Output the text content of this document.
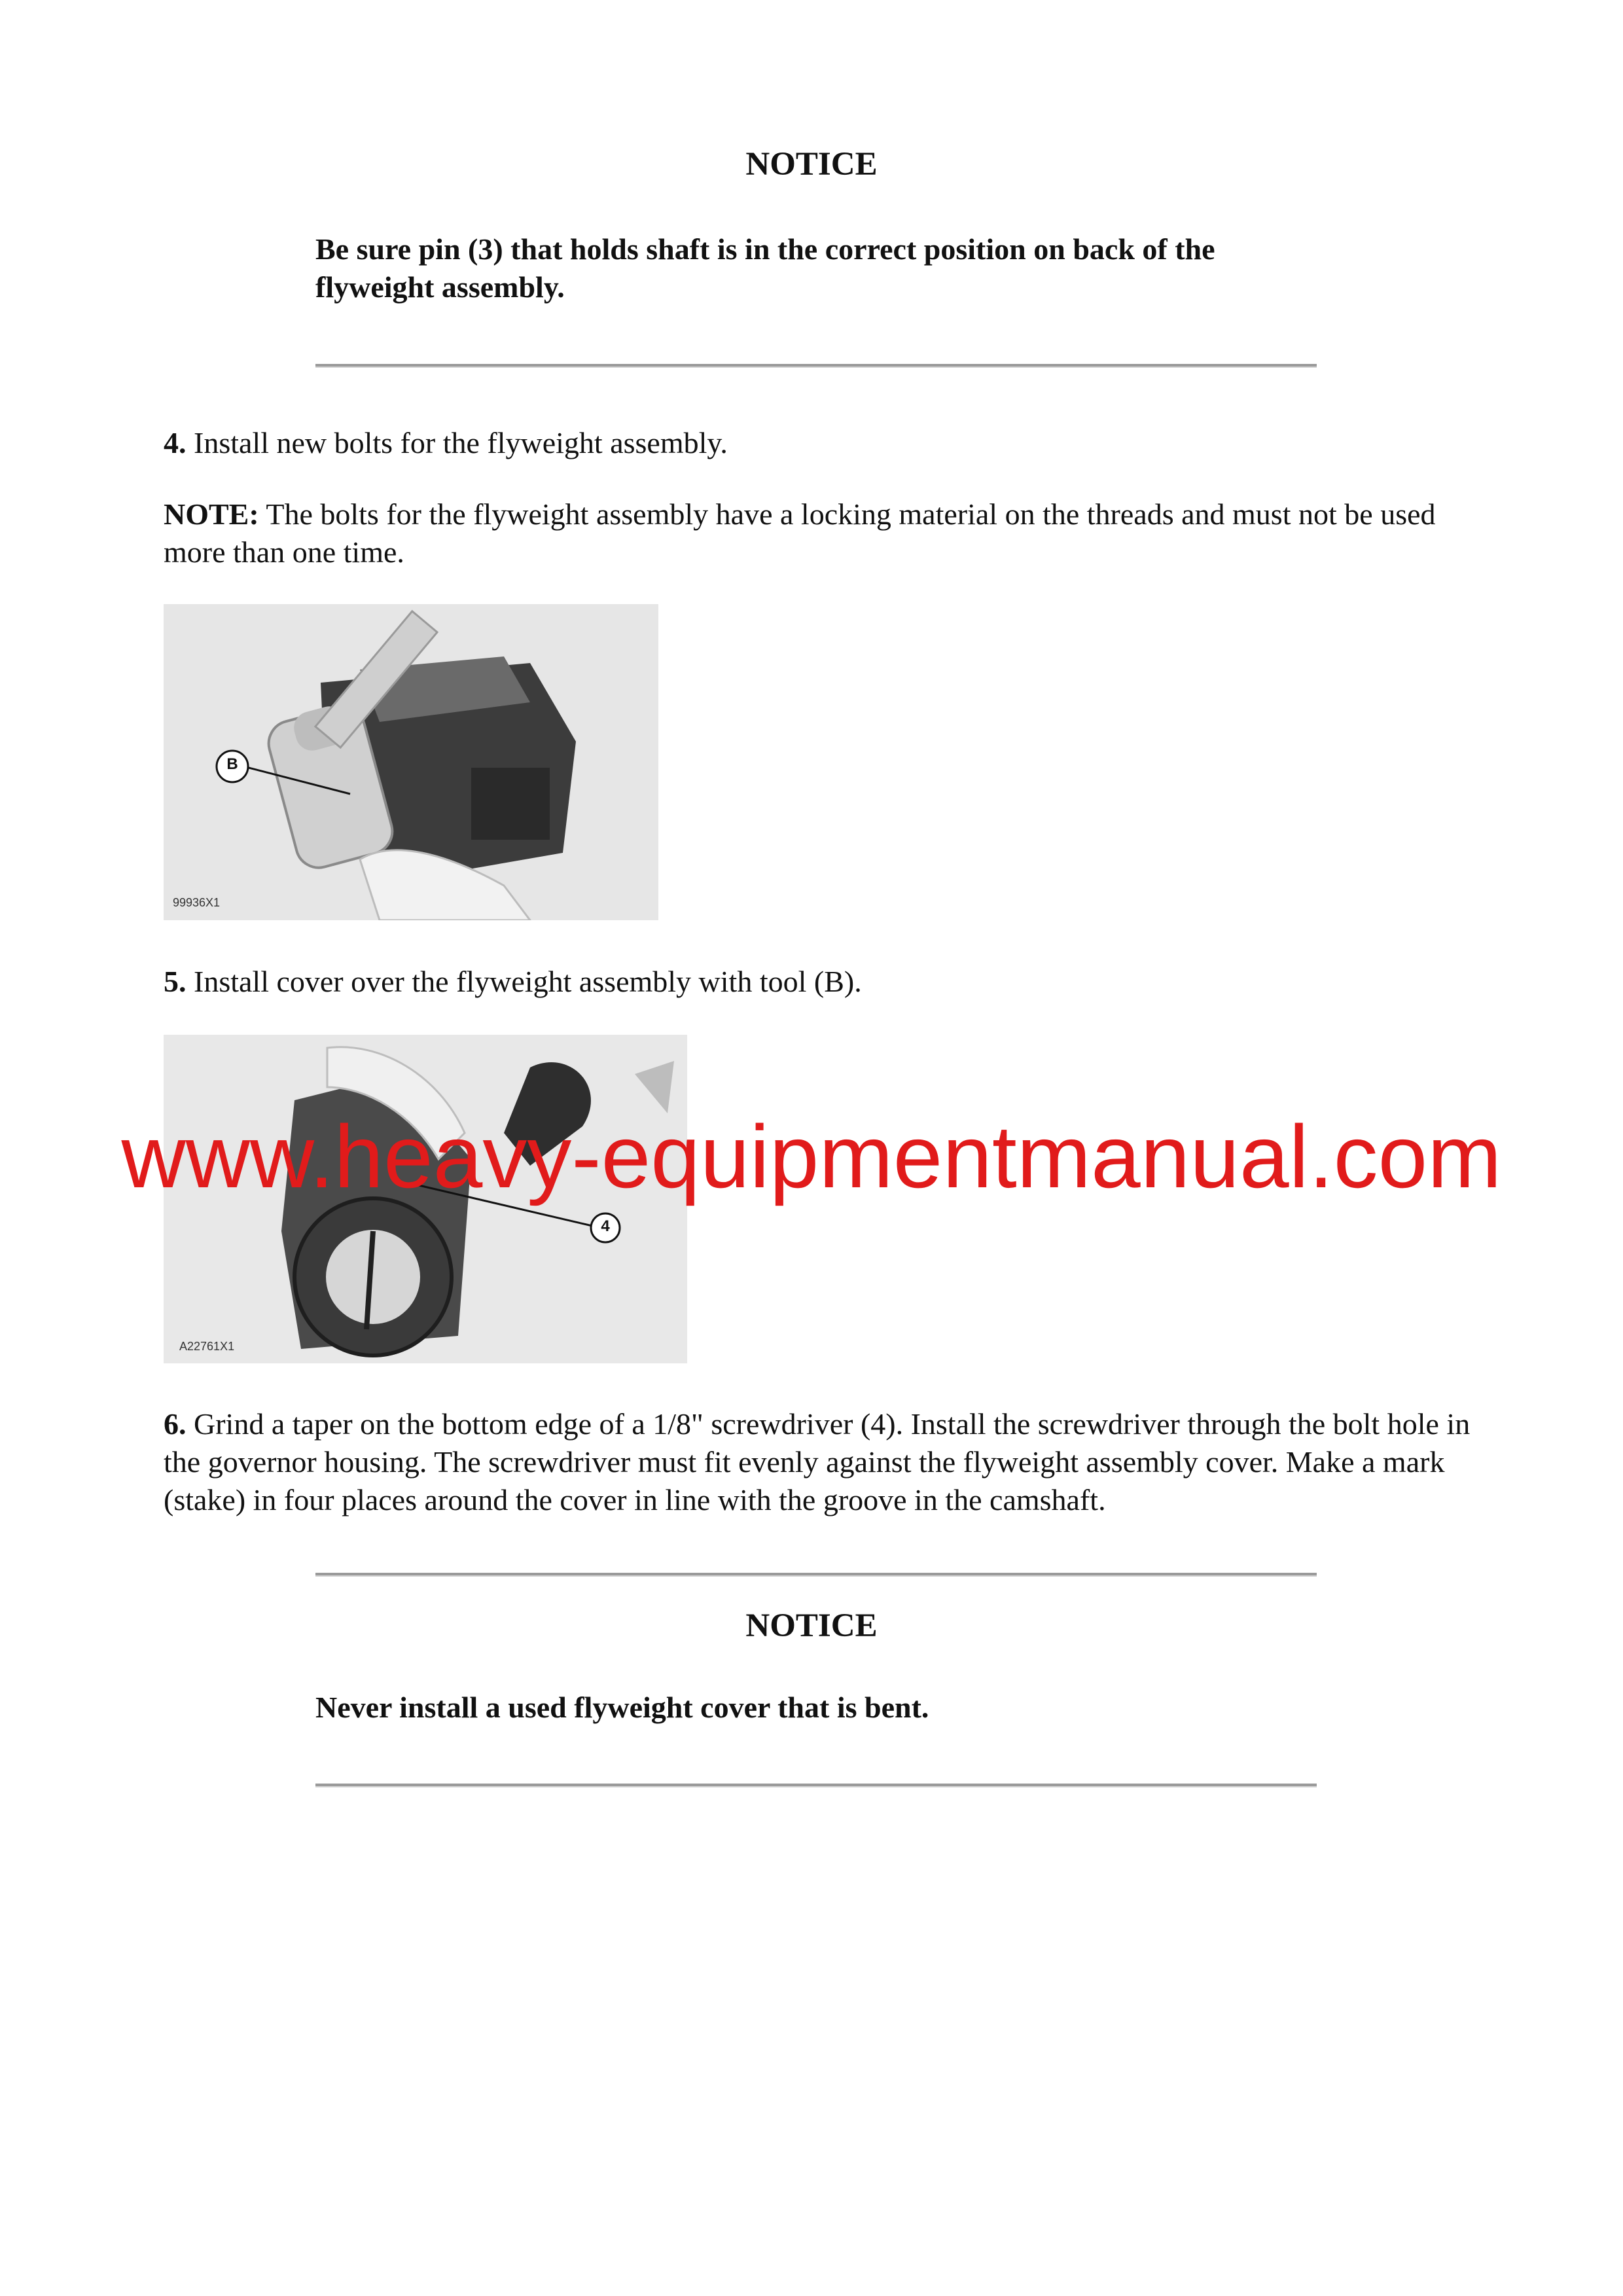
NOTICE
Be sure pin (3) that holds shaft is in the correct position on back of the flyweight assembly.
4. Install new bolts for the flyweight assembly.
NOTE: The bolts for the flyweight assembly have a locking material on the threads and must not be used more than one time.
B
99936X1
5. Install cover over the flyweight assembly with tool (B).
4
A22761X1
6. Grind a taper on the bottom edge of a 1/8" screwdriver (4). Install the screwdriver through the bolt hole in the governor housing. The screwdriver must fit evenly against the flyweight assembly cover. Make a mark (stake) in four places around the cover in line with the groove in the camshaft.
NOTICE
Never install a used flyweight cover that is bent.
www.heavy-equipmentmanual.com
